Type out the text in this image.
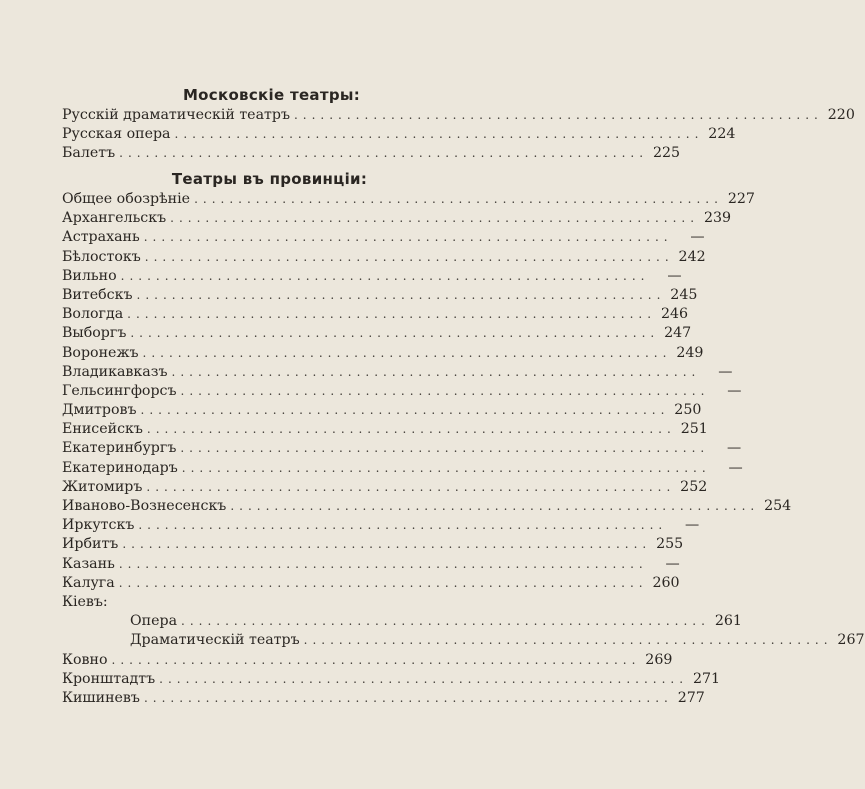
Московскіе театры:
Русскій драматическій театръ ............................................................ 220
Русская опера ............................................................ 224
Балетъ ............................................................ 225
Театры въ провинціи:
Общее обозрѣніе ............................................................ 227
Архангельскъ ............................................................ 239
Астрахань ............................................................	—
Бѣлостокъ ............................................................ 242
Вильно ............................................................	—
Витебскъ ............................................................ 245
Вологда ............................................................ 246
Выборгъ ............................................................ 247
Воронежъ ............................................................ 249
Владикавказъ ............................................................	—
Гельсингфорсъ ............................................................	—
Дмитровъ ............................................................ 250
Енисейскъ ............................................................ 251
Екатеринбургъ ............................................................	—
Екатеринодаръ ............................................................	—
Житомиръ ............................................................ 252
Иваново-Вознесенскъ ............................................................ 254
Иркутскъ ............................................................	—
Ирбитъ ............................................................ 255
Казань ............................................................	—
Калуга ............................................................ 260
Кіевъ:
Опера ............................................................ 261
Драматическій театръ ............................................................ 267
Ковно ............................................................ 269
Кронштадтъ ............................................................ 271
Кишиневъ ............................................................ 277
